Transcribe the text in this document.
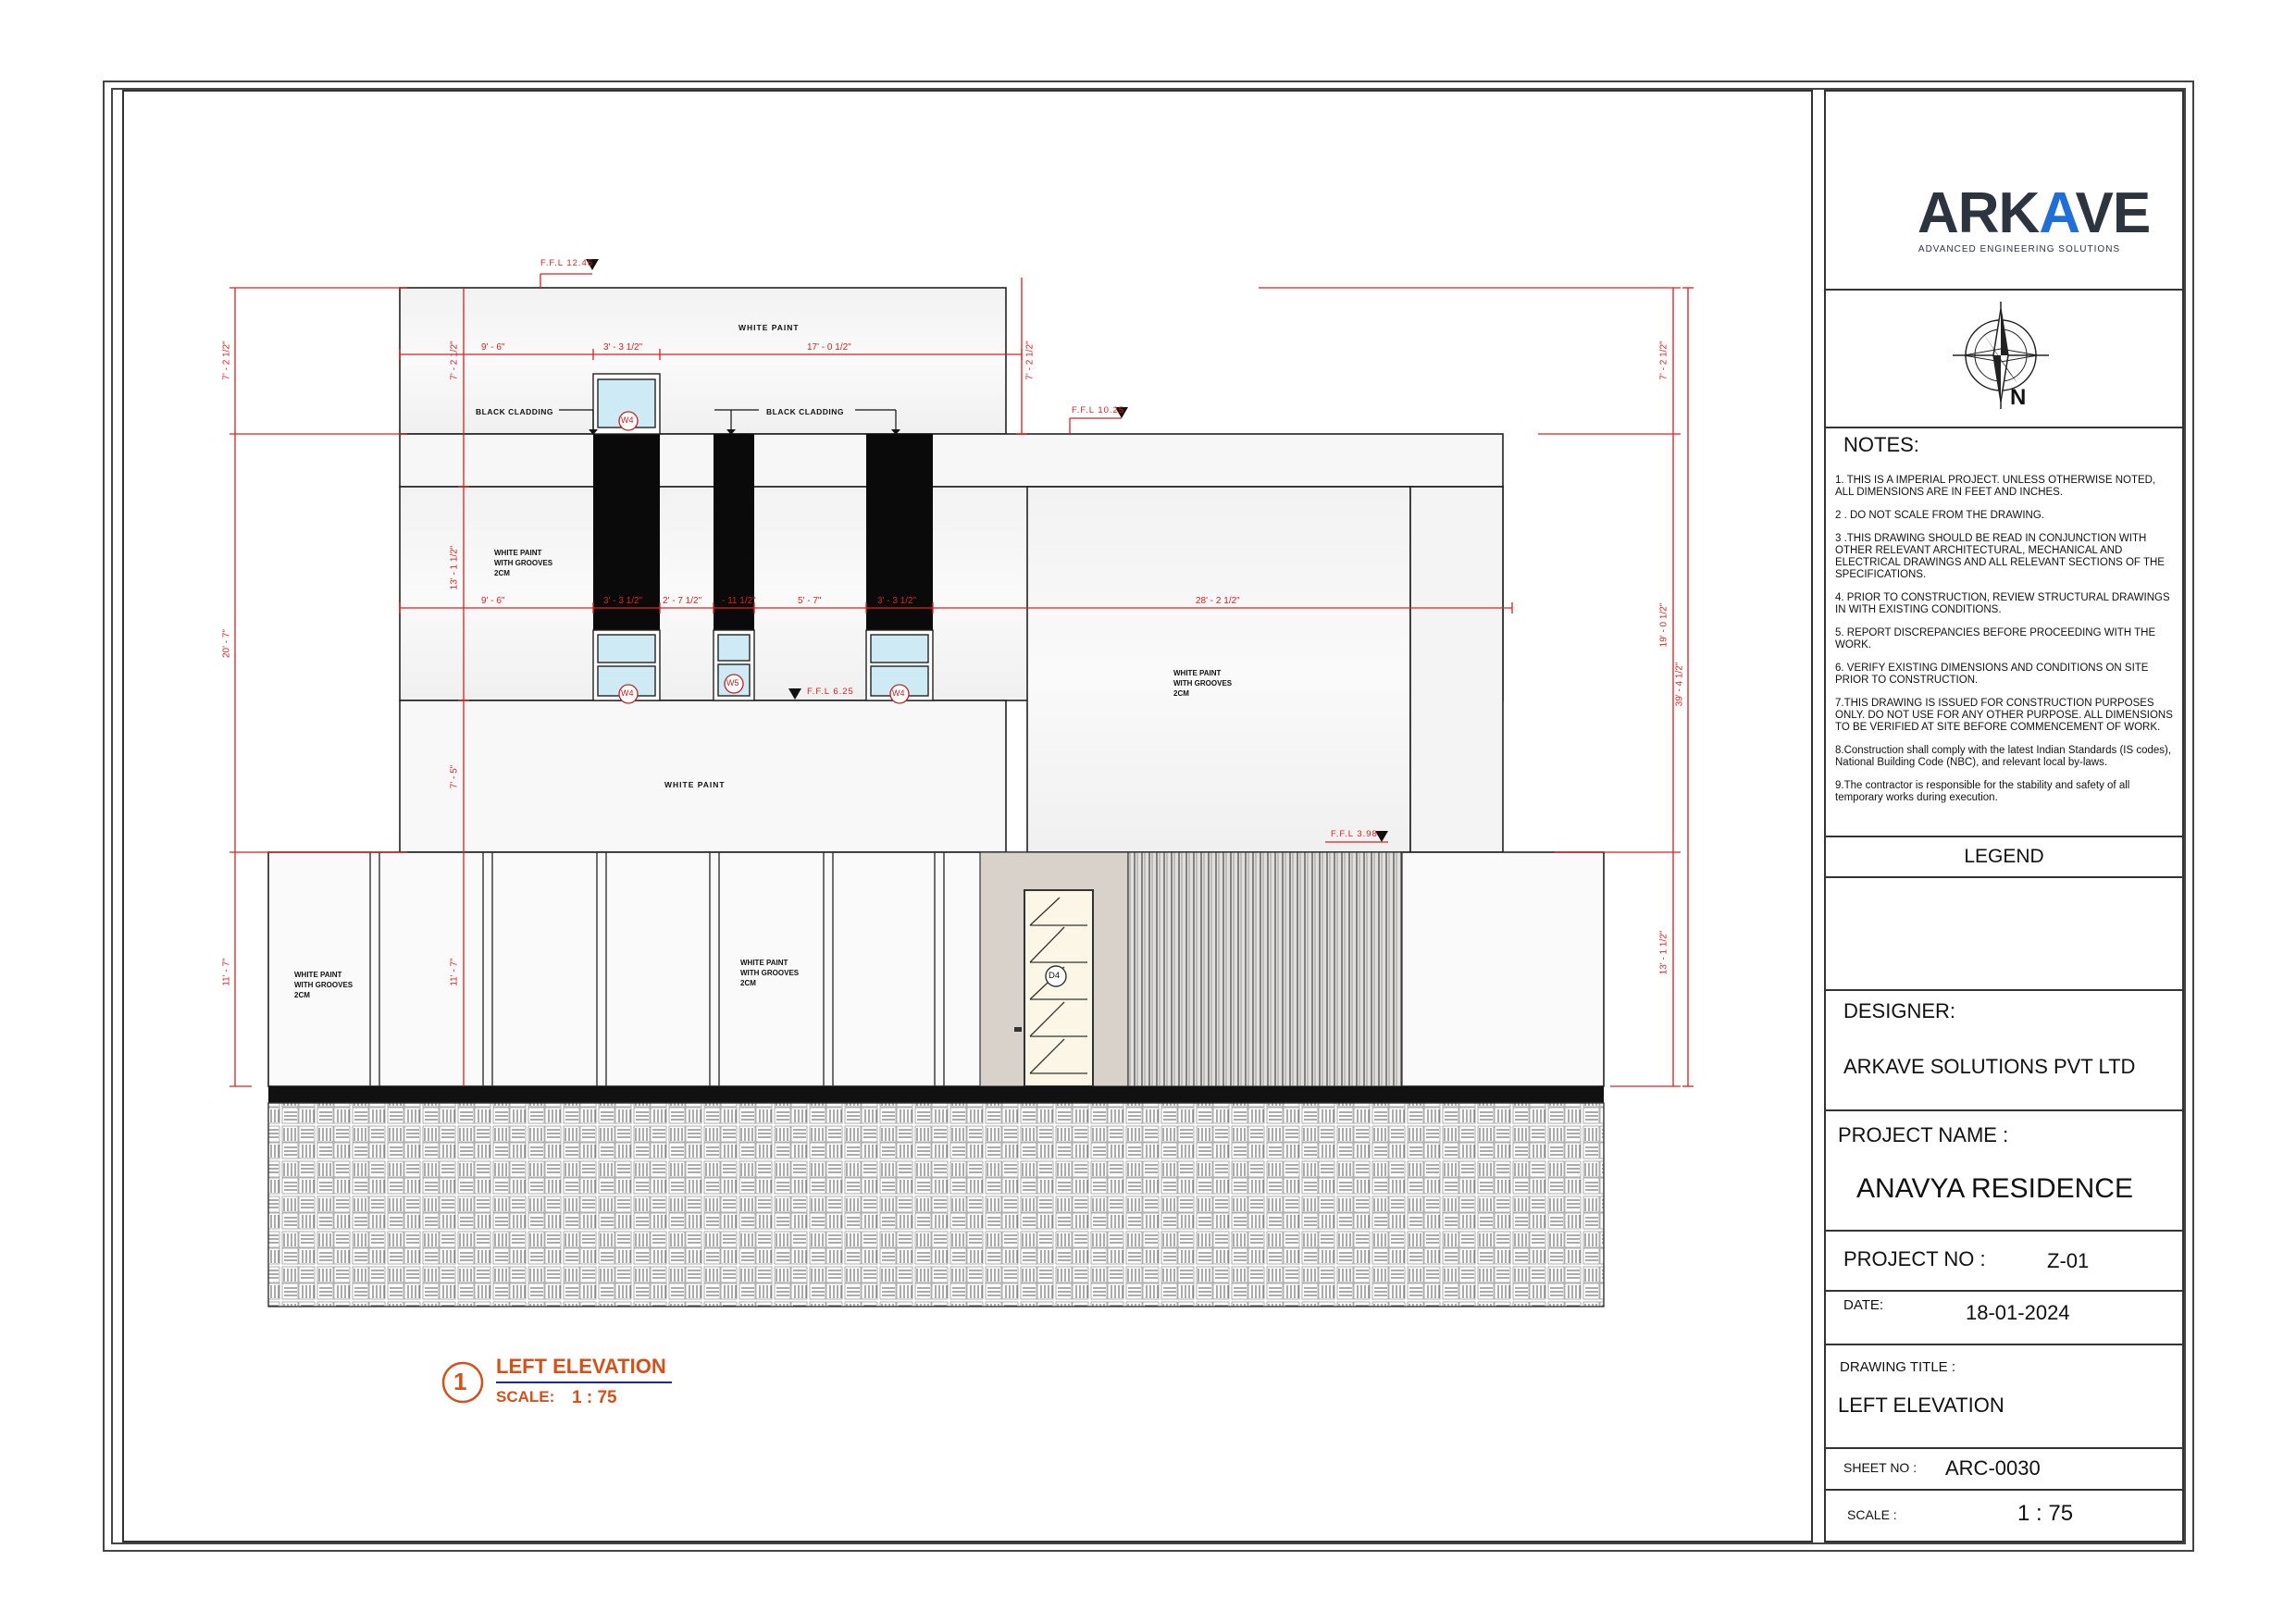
F.F.L 12.45
F.F.L 10.25
F.F.L 6.25
F.F.L 3.98
WHITE PAINT
WHITE PAINT
BLACK CLADDING	BLACK CLADDING
WHITE PAINT
WITH GROOVES
2CM
WHITE PAINT
WITH GROOVES
2CM
WHITE PAINT
WITH GROOVES
2CM
WHITE PAINT
WITH GROOVES
2CM
W4
W4
W5
W4
D4
9' - 6"	3' - 3 1/2"	17' - 0 1/2"
9' - 6"	3' - 3 1/2" 2' - 7 1/2" - 11 1/2"	5' - 7"	3' - 3 1/2"	28' - 2 1/2"
7' - 2 1/2"
20' - 7"
11' - 7"
7' - 2 1/2"
13' - 1 1/2"
7' - 5"
11' - 7"
7' - 2 1/2"	7' - 2 1/2"
19' - 0 1/2"
13' - 1 1/2"
39' - 4 1/2"
1
LEFT ELEVATION
SCALE: 1 : 75
ARKAVE
ADVANCED ENGINEERING SOLUTIONS
N
NOTES:
1. THIS IS A IMPERIAL PROJECT. UNLESS OTHERWISE NOTED, ALL DIMENSIONS ARE IN FEET AND INCHES.
2 . DO NOT SCALE FROM THE DRAWING.
3 .THIS DRAWING SHOULD BE READ IN CONJUNCTION WITH OTHER RELEVANT ARCHITECTURAL, MECHANICAL AND ELECTRICAL DRAWINGS AND ALL RELEVANT SECTIONS OF THE SPECIFICATIONS.
4. PRIOR TO CONSTRUCTION, REVIEW STRUCTURAL DRAWINGS IN WITH EXISTING CONDITIONS.
5. REPORT DISCREPANCIES BEFORE PROCEEDING WITH THE WORK.
6. VERIFY EXISTING DIMENSIONS AND CONDITIONS ON SITE PRIOR TO CONSTRUCTION.
7.THIS DRAWING IS ISSUED FOR CONSTRUCTION PURPOSES ONLY. DO NOT USE FOR ANY OTHER PURPOSE. ALL DIMENSIONS TO BE VERIFIED AT SITE BEFORE COMMENCEMENT OF WORK.
8.Construction shall comply with the latest Indian Standards (IS codes), National Building Code (NBC), and relevant local by-laws.
9.The contractor is responsible for the stability and safety of all temporary works during execution.
LEGEND
DESIGNER:
ARKAVE SOLUTIONS PVT LTD
PROJECT NAME :
ANAVYA RESIDENCE
PROJECT NO :	Z-01
DATE:	18-01-2024
DRAWING TITLE :
LEFT ELEVATION
SHEET NO : ARC-0030
SCALE :	1 : 75
